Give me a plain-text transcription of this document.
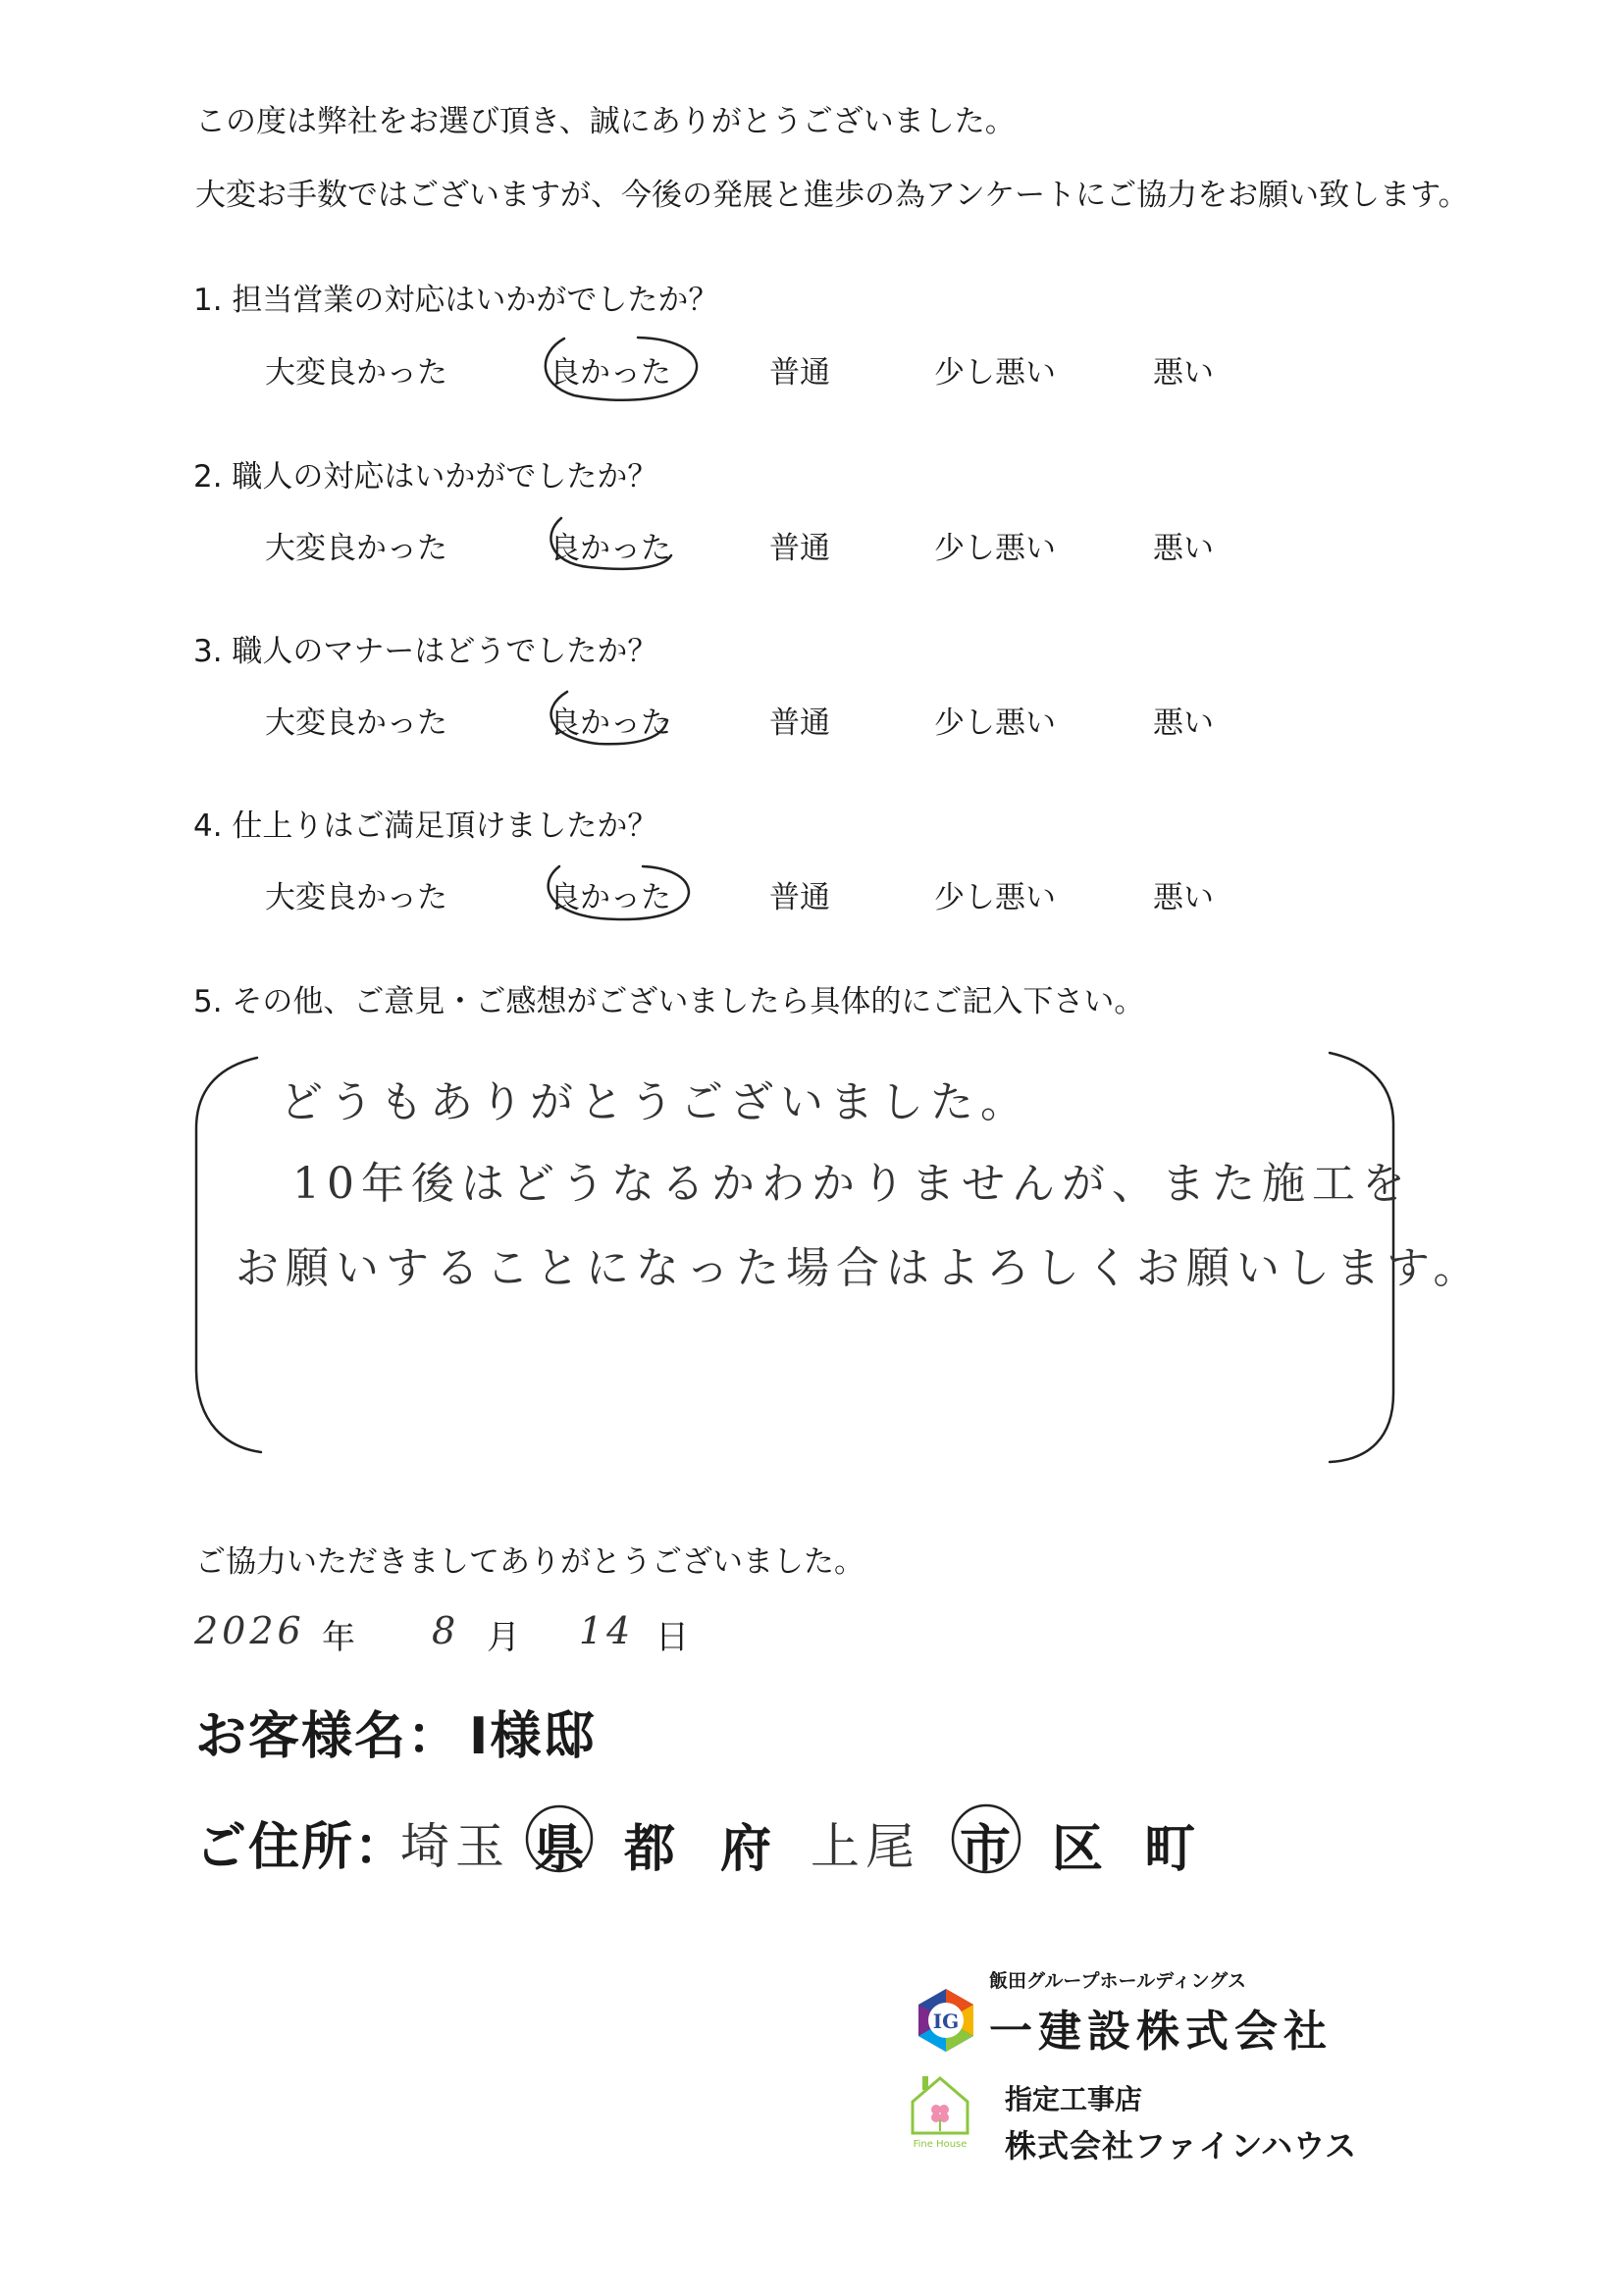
この度は弊社をお選び頂き、誠にありがとうございました。
大変お手数ではございますが、今後の発展と進歩の為アンケートにご協力をお願い致します。
1. 担当営業の対応はいかがでしたか？
大変良かった	良かった	普通	少し悪い	悪い
2. 職人の対応はいかがでしたか？
大変良かった	良かった	普通	少し悪い	悪い
3. 職人のマナーはどうでしたか？
大変良かった	良かった	普通	少し悪い	悪い
4. 仕上りはご満足頂けましたか？
大変良かった	良かった	普通	少し悪い	悪い
5. その他、ご意見・ご感想がございましたら具体的にご記入下さい。
どうもありがとうございました。
10年後はどうなるかわかりませんが、また施工を
お願いすることになった場合はよろしくお願いします。
ご協力いただきましてありがとうございました。
2026 年 8 月 14 日
お客様名： I様邸
ご住所：
埼玉 県 都 府 上尾 市 区 町
飯田グループホールディングス
IG 一建設株式会社
Fine House
指定工事店
株式会社ファインハウス
